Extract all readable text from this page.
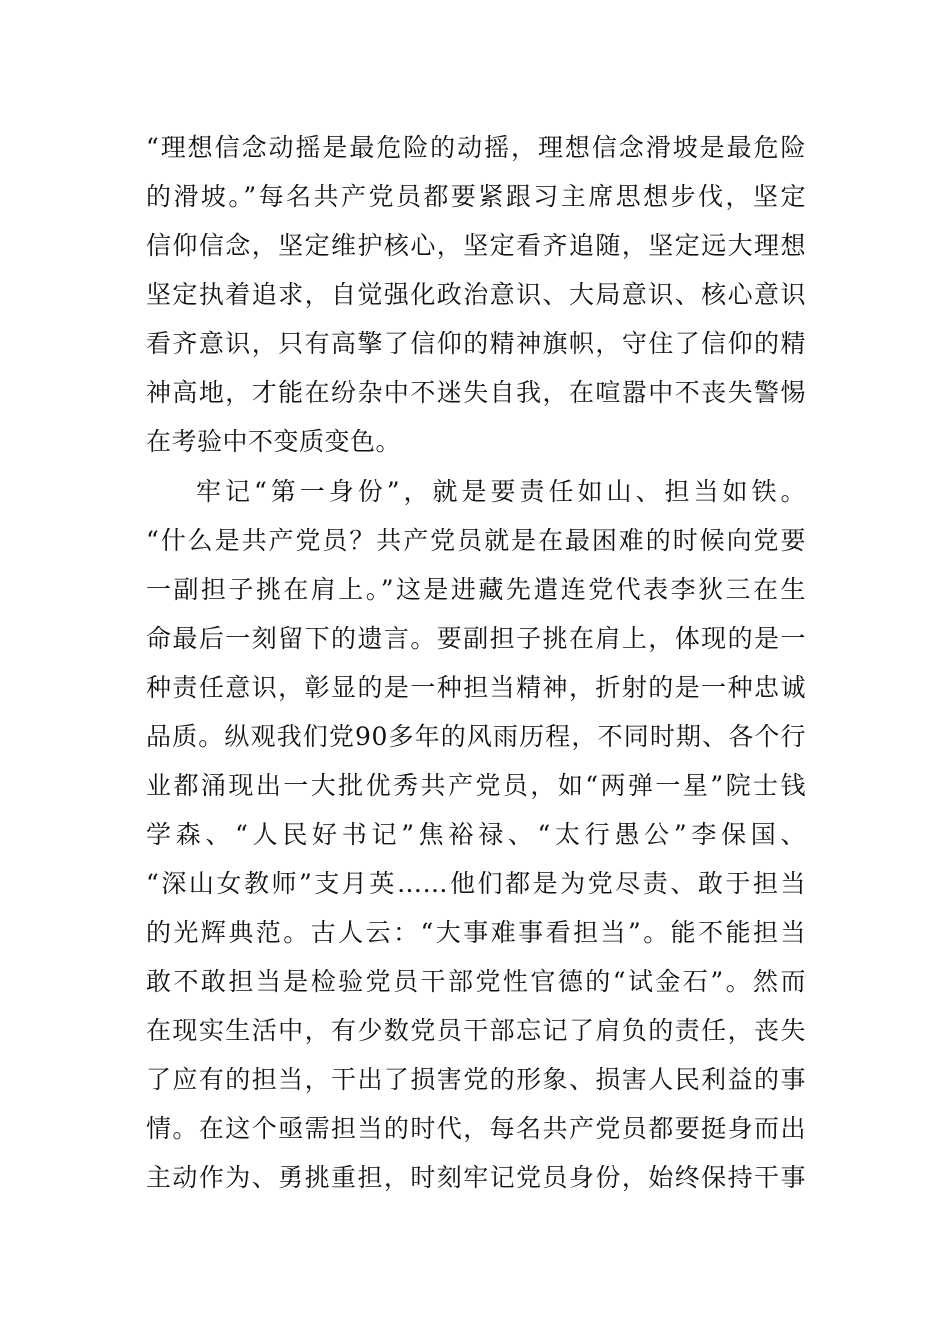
“理想信念动摇是最危险的动摇，理想信念滑坡是最危险
的滑坡。”每名共产党员都要紧跟习主席思想步伐，坚定
信仰信念，坚定维护核心，坚定看齐追随，坚定远大理想
坚定执着追求，自觉强化政治意识、大局意识、核心意识
看齐意识，只有高擎了信仰的精神旗帜，守住了信仰的精
神高地，才能在纷杂中不迷失自我，在喧嚣中不丧失警惕
在考验中不变质变色。
牢记“第一身份”，就是要责任如山、担当如铁。
“什么是共产党员？共产党员就是在最困难的时候向党要
一副担子挑在肩上。”这是进藏先遣连党代表李狄三在生
命最后一刻留下的遗言。要副担子挑在肩上，体现的是一
种责任意识，彰显的是一种担当精神，折射的是一种忠诚
品质。纵观我们党90多年的风雨历程，不同时期、各个行
业都涌现出一大批优秀共产党员，如“两弹一星”院士钱
学森、“人民好书记”焦裕禄、“太行愚公”李保国、
“深山女教师”支月英……他们都是为党尽责、敢于担当
的光辉典范。古人云：“大事难事看担当”。能不能担当
敢不敢担当是检验党员干部党性官德的“试金石”。然而
在现实生活中，有少数党员干部忘记了肩负的责任，丧失
了应有的担当，干出了损害党的形象、损害人民利益的事
情。在这个亟需担当的时代，每名共产党员都要挺身而出
主动作为、勇挑重担，时刻牢记党员身份，始终保持干事
